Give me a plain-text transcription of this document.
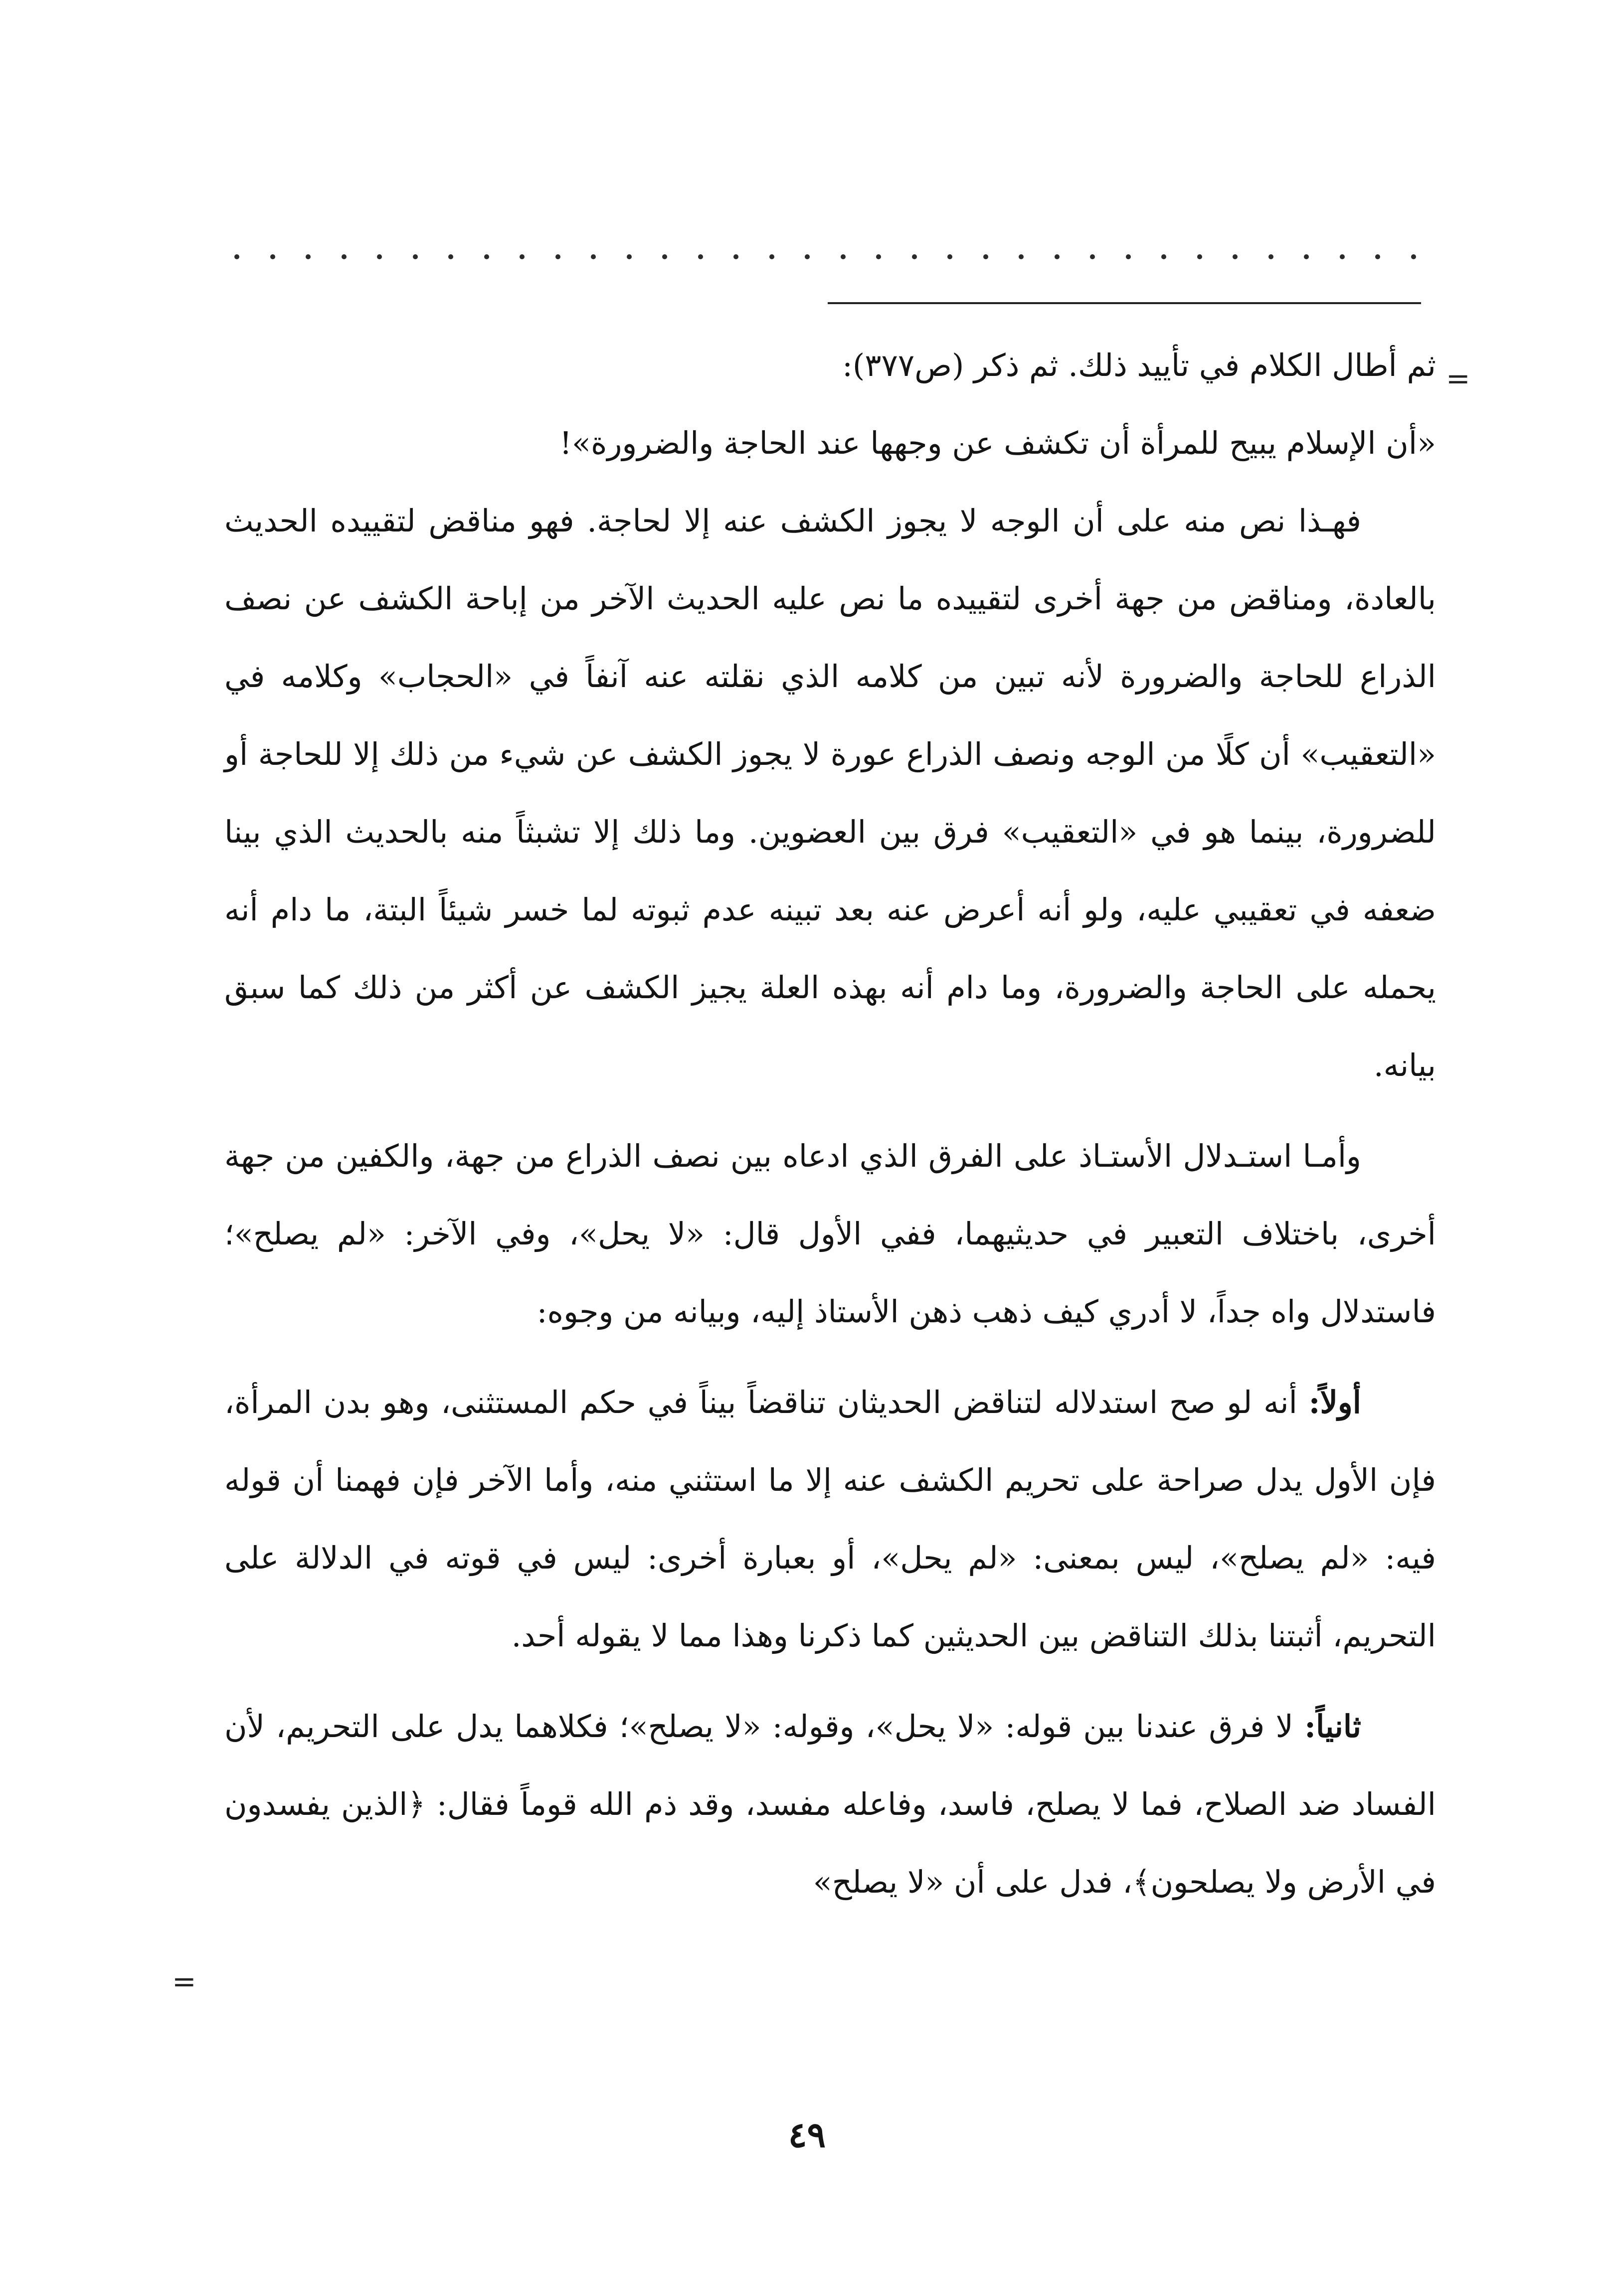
=

ثم أطال الكلام في تأييد ذلك. ثم ذكر (ص٣٧٧):

«أن الإسلام يبيح للمرأة أن تكشف عن وجهها عند الحاجة والضرورة»!

فهـذا نص منه على أن الوجه لا يجوز الكشف عنه إلا لحاجة. فهو مناقض لتقييده الحديث بالعادة، ومناقض من جهة أخرى لتقييده ما نص عليه الحديث الآخر من إباحة الكشف عن نصف الذراع للحاجة والضرورة لأنه تبين من كلامه الذي نقلته عنه آنفاً في «الحجاب» وكلامه في «التعقيب» أن كلًا من الوجه ونصف الذراع عورة لا يجوز الكشف عن شيء من ذلك إلا للحاجة أو للضرورة، بينما هو في «التعقيب» فرق بين العضوين. وما ذلك إلا تشبثاً منه بالحديث الذي بينا ضعفه في تعقيبي عليه، ولو أنه أعرض عنه بعد تبينه عدم ثبوته لما خسر شيئاً البتة، ما دام أنه يحمله على الحاجة والضرورة، وما دام أنه بهذه العلة يجيز الكشف عن أكثر من ذلك كما سبق بيانه.

وأمـا استـدلال الأستـاذ على الفرق الذي ادعاه بين نصف الذراع من جهة، والكفين من جهة أخرى، باختلاف التعبير في حديثيهما، ففي الأول قال: «لا يحل»، وفي الآخر: «لم يصلح»؛ فاستدلال واه جداً، لا أدري كيف ذهب ذهن الأستاذ إليه، وبيانه من وجوه:

أولاً: أنه لو صح استدلاله لتناقض الحديثان تناقضاً بيناً في حكم المستثنى، وهو بدن المرأة، فإن الأول يدل صراحة على تحريم الكشف عنه إلا ما استثني منه، وأما الآخر فإن فهمنا أن قوله فيه: «لم يصلح»، ليس بمعنى: «لم يحل»، أو بعبارة أخرى: ليس في قوته في الدلالة على التحريم، أثبتنا بذلك التناقض بين الحديثين كما ذكرنا وهذا مما لا يقوله أحد.

ثانياً: لا فرق عندنا بين قوله: «لا يحل»، وقوله: «لا يصلح»؛ فكلاهما يدل على التحريم، لأن الفساد ضد الصلاح، فما لا يصلح، فاسد، وفاعله مفسد، وقد ذم الله قوماً فقال: ﴿الذين يفسدون في الأرض ولا يصلحون﴾، فدل على أن «لا يصلح»

=
٤٩
